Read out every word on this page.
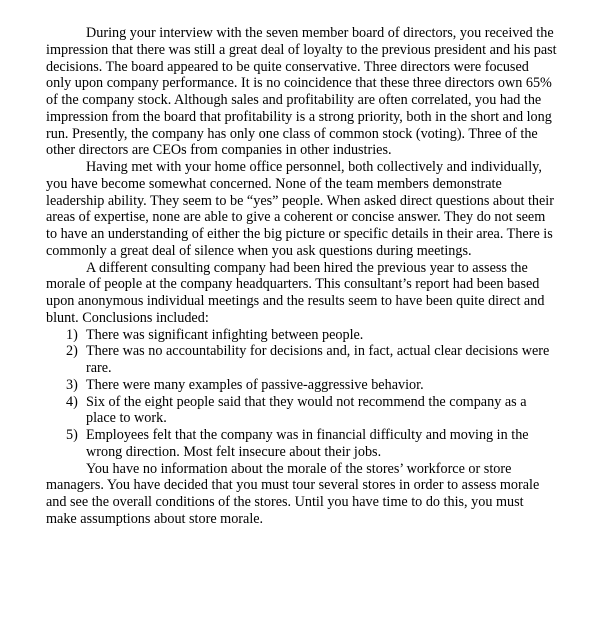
During your interview with the seven member board of directors, you received the
impression that there was still a great deal of loyalty to the previous president and his past
decisions. The board appeared to be quite conservative. Three directors were focused
only upon company performance. It is no coincidence that these three directors own 65%
of the company stock. Although sales and profitability are often correlated, you had the
impression from the board that profitability is a strong priority, both in the short and long
run. Presently, the company has only one class of common stock (voting). Three of the
other directors are CEOs from companies in other industries.
Having met with your home office personnel, both collectively and individually,
you have become somewhat concerned. None of the team members demonstrate
leadership ability. They seem to be “yes” people. When asked direct questions about their
areas of expertise, none are able to give a coherent or concise answer. They do not seem
to have an understanding of either the big picture or specific details in their area. There is
commonly a great deal of silence when you ask questions during meetings.
A different consulting company had been hired the previous year to assess the
morale of people at the company headquarters. This consultant’s report had been based
upon anonymous individual meetings and the results seem to have been quite direct and
blunt. Conclusions included:
1) There was significant infighting between people.
2) There was no accountability for decisions and, in fact, actual clear decisions were
rare.
3) There were many examples of passive-aggressive behavior.
4) Six of the eight people said that they would not recommend the company as a
place to work.
5) Employees felt that the company was in financial difficulty and moving in the
wrong direction. Most felt insecure about their jobs.
You have no information about the morale of the stores’ workforce or store
managers. You have decided that you must tour several stores in order to assess morale
and see the overall conditions of the stores. Until you have time to do this, you must
make assumptions about store morale.
